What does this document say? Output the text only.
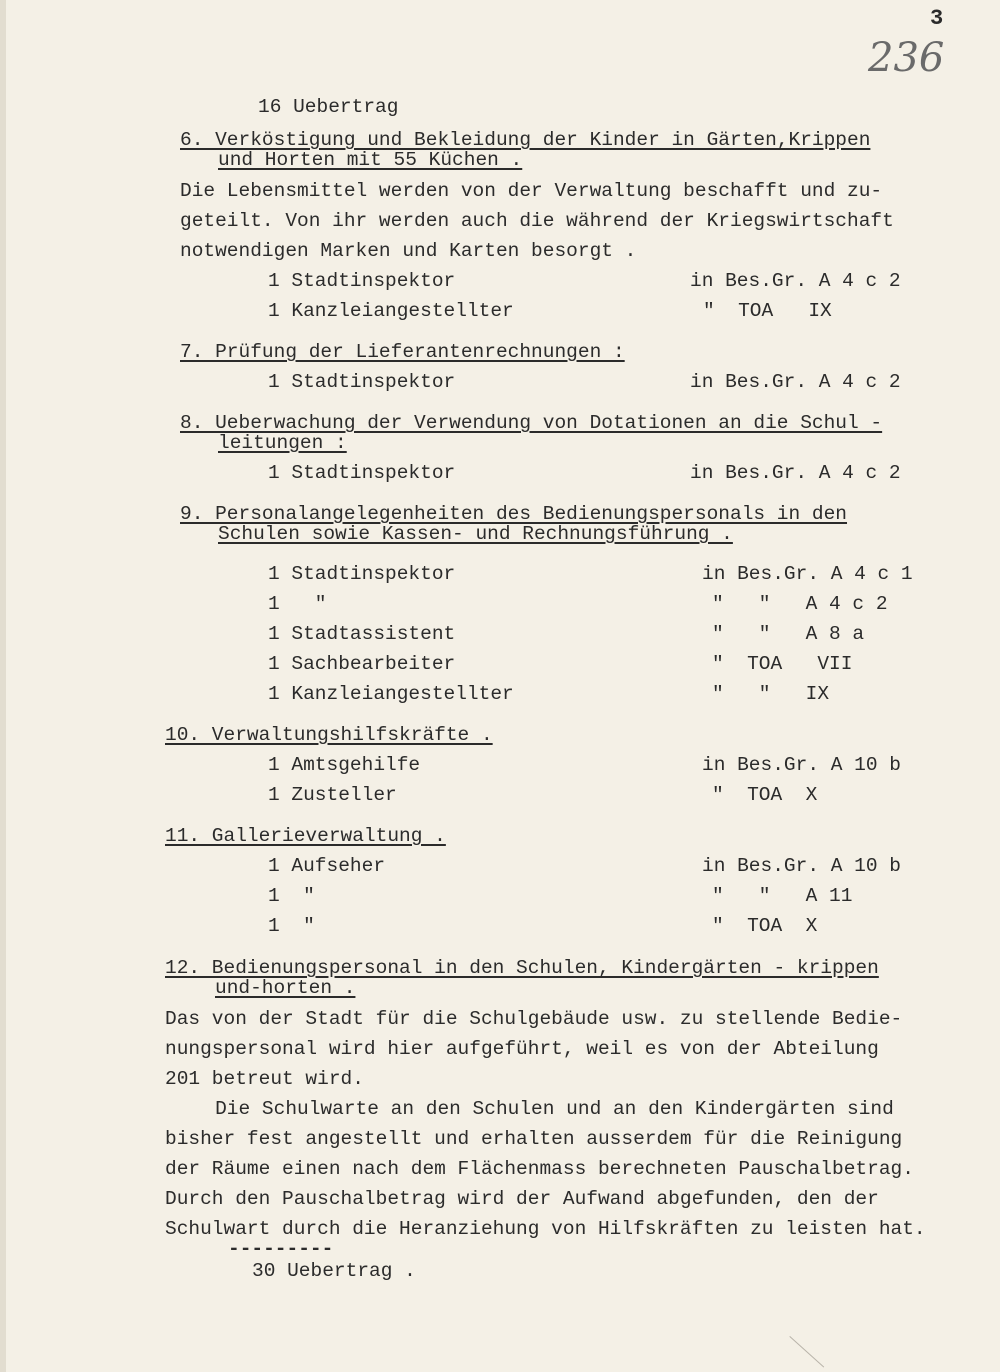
3
236
16 Uebertrag
6. Verköstigung und Bekleidung der Kinder in Gärten,Krippen
und Horten mit 55 Küchen .
Die Lebensmittel werden von der Verwaltung beschafft und zu-
geteilt. Von ihr werden auch die während der Kriegswirtschaft
notwendigen Marken und Karten besorgt .
1 Stadtinspektor	in Bes.Gr. A 4 c 2
1 Kanzleiangestellter	"  TOA   IX
7. Prüfung der Lieferantenrechnungen :
1 Stadtinspektor	in Bes.Gr. A 4 c 2
8. Ueberwachung der Verwendung von Dotationen an die Schul -
leitungen :
1 Stadtinspektor	in Bes.Gr. A 4 c 2
9. Personalangelegenheiten des Bedienungspersonals in den
Schulen sowie Kassen- und Rechnungsführung .
1 Stadtinspektor	in Bes.Gr. A 4 c 1
1   "	"   "   A 4 c 2
1 Stadtassistent	"   "   A 8 a
1 Sachbearbeiter	"  TOA   VII
1 Kanzleiangestellter	"   "   IX
10. Verwaltungshilfskräfte .
1 Amtsgehilfe	in Bes.Gr. A 10 b
1 Zusteller	"  TOA  X
11. Gallerieverwaltung .
1 Aufseher	in Bes.Gr. A 10 b
1  "	"   "   A 11
1  "	"  TOA  X
12. Bedienungspersonal in den Schulen, Kindergärten - krippen
und-horten .
Das von der Stadt für die Schulgebäude usw. zu stellende Bedie-
nungspersonal wird hier aufgeführt, weil es von der Abteilung
201 betreut wird.
Die Schulwarte an den Schulen und an den Kindergärten sind
bisher fest angestellt und erhalten ausserdem für die Reinigung
der Räume einen nach dem Flächenmass berechneten Pauschalbetrag.
Durch den Pauschalbetrag wird der Aufwand abgefunden, den der
Schulwart durch die Heranziehung von Hilfskräften zu leisten hat.
---------
30 Uebertrag .
